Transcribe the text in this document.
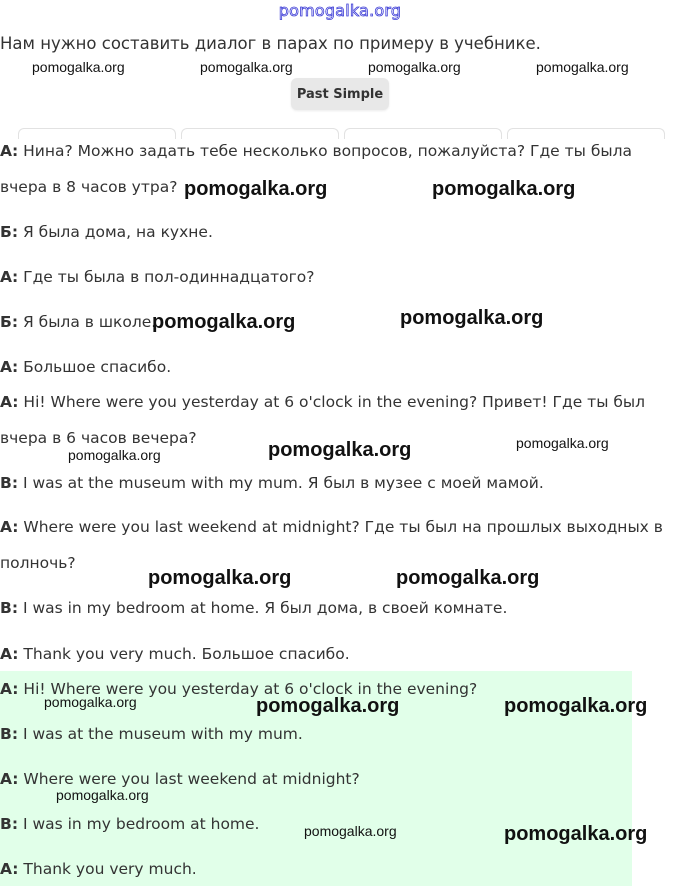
pomogalka.org
Нам нужно составить диалог в парах по примеру в учебнике.
pomogalka.org	pomogalka.org	pomogalka.org	pomogalka.org
Past Simple
А: Нина? Можно задать тебе несколько вопросов, пожалуйста? Где ты была
вчера в 8 часов утра?
Б: Я была дома, на кухне.
А: Где ты была в пол-одиннадцатого?
Б: Я была в школе.
А: Большое спасибо.
A: Hi! Where were you yesterday at 6 o'clock in the evening? Привет! Где ты был
вчера в 6 часов вечера?
B: I was at the museum with my mum. Я был в музее с моей мамой.
A: Where were you last weekend at midnight? Где ты был на прошлых выходных в
полночь?
B: I was in my bedroom at home. Я был дома, в своей комнате.
A: Thank you very much. Большое спасибо.
A: Hi! Where were you yesterday at 6 o'clock in the evening?
B: I was at the museum with my mum.
A: Where were you last weekend at midnight?
B: I was in my bedroom at home.
A: Thank you very much.
pomogalka.org	pomogalka.org
pomogalka.org	pomogalka.org
pomogalka.org	pomogalka.org
pomogalka.org
pomogalka.org	pomogalka.org
pomogalka.org	pomogalka.org	pomogalka.org
pomogalka.org
pomogalka.org	pomogalka.org
